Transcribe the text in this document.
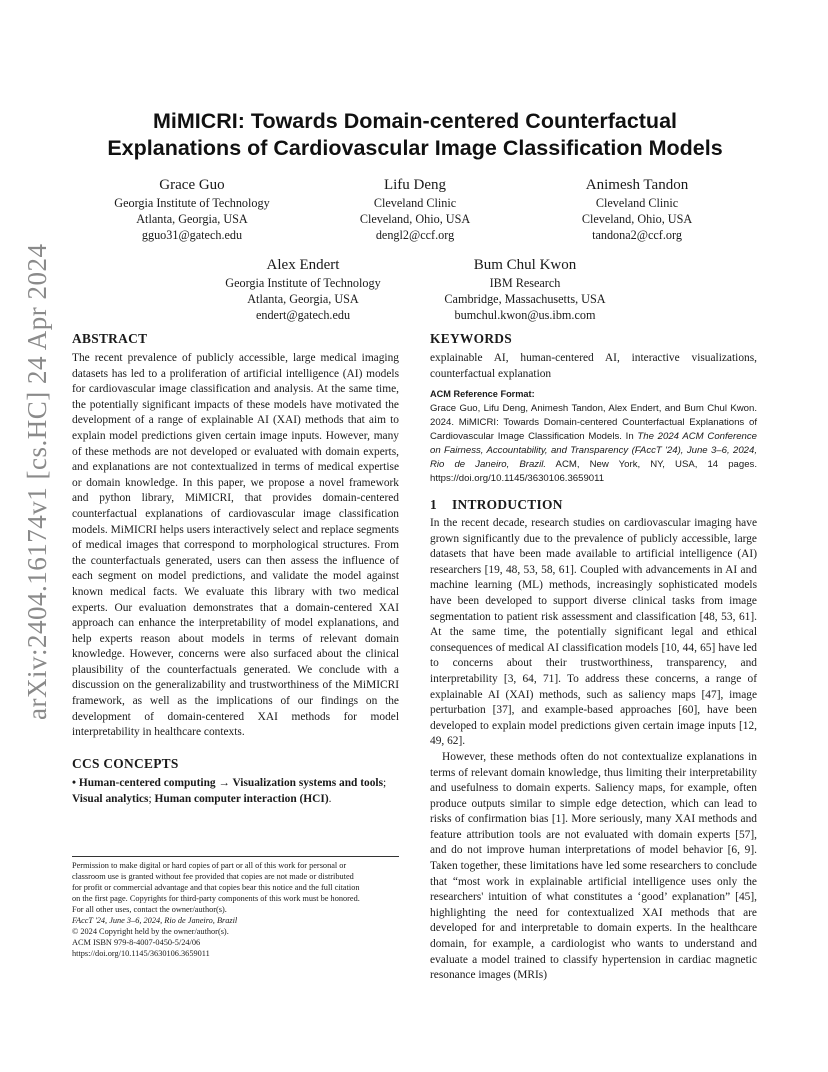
arXiv:2404.16174v1 [cs.HC] 24 Apr 2024
MiMICRI: Towards Domain-centered Counterfactual
Explanations of Cardiovascular Image Classification Models
Grace Guo
Georgia Institute of Technology
Atlanta, Georgia, USA
gguo31@gatech.edu
Lifu Deng
Cleveland Clinic
Cleveland, Ohio, USA
dengl2@ccf.org
Animesh Tandon
Cleveland Clinic
Cleveland, Ohio, USA
tandona2@ccf.org
Alex Endert
Georgia Institute of Technology
Atlanta, Georgia, USA
endert@gatech.edu
Bum Chul Kwon
IBM Research
Cambridge, Massachusetts, USA
bumchul.kwon@us.ibm.com
ABSTRACT

The recent prevalence of publicly accessible, large medical imaging datasets has led to a proliferation of artificial intelligence (AI) models for cardiovascular image classification and analysis. At the same time, the potentially significant impacts of these models have motivated the development of a range of explainable AI (XAI) methods that aim to explain model predictions given certain image inputs. However, many of these methods are not developed or evaluated with domain experts, and explanations are not contextualized in terms of medical expertise or domain knowledge. In this paper, we propose a novel framework and python library, MiMICRI, that provides domain-centered counterfactual explanations of cardiovascular image classification models. MiMICRI helps users interactively select and replace segments of medical images that correspond to morphological structures. From the counterfactuals generated, users can then assess the influence of each segment on model predictions, and validate the model against known medical facts. We evaluate this library with two medical experts. Our evaluation demonstrates that a domain-centered XAI approach can enhance the interpretability of model explanations, and help experts reason about models in terms of relevant domain knowledge. However, concerns were also surfaced about the clinical plausibility of the counterfactuals generated. We conclude with a discussion on the generalizability and trustworthiness of the MiMICRI framework, as well as the implications of our findings on the development of domain-centered XAI methods for model interpretability in healthcare contexts.

CCS CONCEPTS
• Human-centered computing → Visualization systems and tools; Visual analytics; Human computer interaction (HCI).
Permission to make digital or hard copies of part or all of this work for personal or
classroom use is granted without fee provided that copies are not made or distributed
for profit or commercial advantage and that copies bear this notice and the full citation
on the first page. Copyrights for third-party components of this work must be honored.
For all other uses, contact the owner/author(s).
FAccT '24, June 3–6, 2024, Rio de Janeiro, Brazil
© 2024 Copyright held by the owner/author(s).
ACM ISBN 979-8-4007-0450-5/24/06
https://doi.org/10.1145/3630106.3659011
KEYWORDS

explainable AI, human-centered AI, interactive visualizations, counterfactual explanation

ACM Reference Format:
Grace Guo, Lifu Deng, Animesh Tandon, Alex Endert, and Bum Chul Kwon. 2024. MiMICRI: Towards Domain-centered Counterfactual Explanations of Cardiovascular Image Classification Models. In The 2024 ACM Conference on Fairness, Accountability, and Transparency (FAccT '24), June 3–6, 2024, Rio de Janeiro, Brazil. ACM, New York, NY, USA, 14 pages. https://doi.org/10.1145/3630106.3659011
1 INTRODUCTION

In the recent decade, research studies on cardiovascular imaging have grown significantly due to the prevalence of publicly accessible, large datasets that have been made available to artificial intelligence (AI) researchers [19, 48, 53, 58, 61]. Coupled with advancements in AI and machine learning (ML) methods, increasingly sophisticated models have been developed to support diverse clinical tasks from image segmentation to patient risk assessment and classification [48, 53, 61]. At the same time, the potentially significant legal and ethical consequences of medical AI classification models [10, 44, 65] have led to concerns about their trustworthiness, transparency, and interpretability [3, 64, 71]. To address these concerns, a range of explainable AI (XAI) methods, such as saliency maps [47], image perturbation [37], and example-based approaches [60], have been developed to explain model predictions given certain image inputs [12, 49, 62].

However, these methods often do not contextualize explanations in terms of relevant domain knowledge, thus limiting their interpretability and usefulness to domain experts. Saliency maps, for example, often produce outputs similar to simple edge detection, which can lead to risks of confirmation bias [1]. More seriously, many XAI methods and feature attribution tools are not evaluated with domain experts [57], and do not improve human interpretations of model behavior [6, 9]. Taken together, these limitations have led some researchers to conclude that “most work in explainable artificial intelligence uses only the researchers' intuition of what constitutes a ‘good’ explanation” [45], highlighting the need for contextualized XAI methods that are developed for and interpretable to domain experts. In the healthcare domain, for example, a cardiologist who wants to understand and evaluate a model trained to classify hypertension in cardiac magnetic resonance images (MRIs)
